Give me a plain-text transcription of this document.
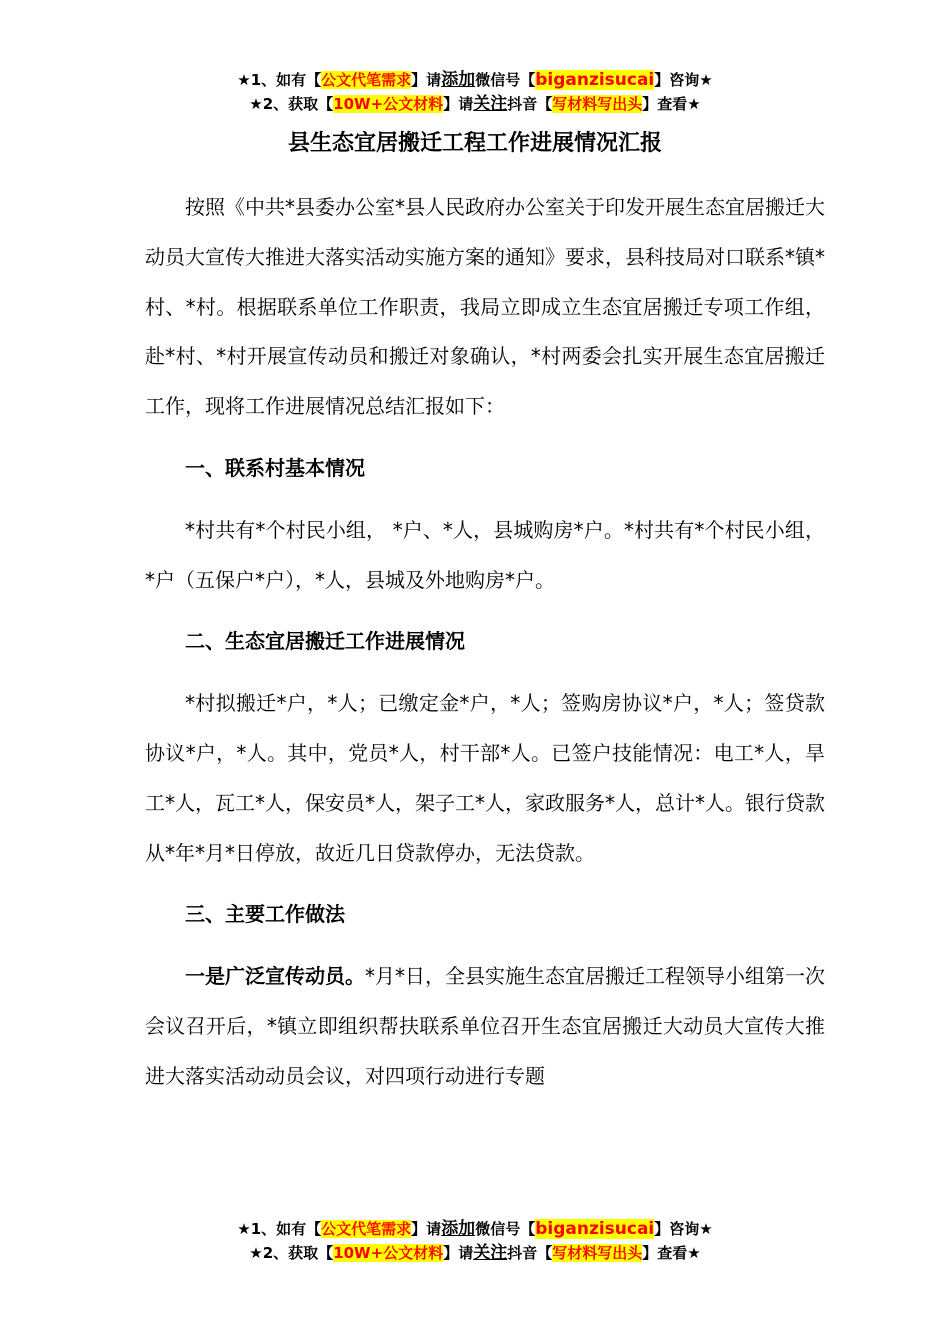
★1、如有【公文代笔需求】请添加微信号【biganzisucai】咨询★
★2、获取【10W+公文材料】请关注抖音【写材料写出头】查看★
县生态宜居搬迁工程工作进展情况汇报

按照《中共*县委办公室*县人民政府办公室关于印发开展生态宜居搬迁大动员大宣传大推进大落实活动实施方案的通知》要求，县科技局对口联系*镇*村、*村。根据联系单位工作职责，我局立即成立生态宜居搬迁专项工作组，赴*村、*村开展宣传动员和搬迁对象确认，*村两委会扎实开展生态宜居搬迁工作，现将工作进展情况总结汇报如下：

一、联系村基本情况

*村共有*个村民小组， *户、*人，县城购房*户。*村共有*个村民小组，*户（五保户*户），*人，县城及外地购房*户。

二、生态宜居搬迁工作进展情况

*村拟搬迁*户，*人；已缴定金*户，*人；签购房协议*户，*人；签贷款协议*户，*人。其中，党员*人，村干部*人。已签户技能情况：电工*人，旱工*人，瓦工*人，保安员*人，架子工*人，家政服务*人，总计*人。银行贷款从*年*月*日停放，故近几日贷款停办，无法贷款。

三、主要工作做法

一是广泛宣传动员。*月*日，全县实施生态宜居搬迁工程领导小组第一次会议召开后，*镇立即组织帮扶联系单位召开生态宜居搬迁大动员大宣传大推进大落实活动动员会议，对四项行动进行专题

★1、如有【公文代笔需求】请添加微信号【biganzisucai】咨询★
★2、获取【10W+公文材料】请关注抖音【写材料写出头】查看★
